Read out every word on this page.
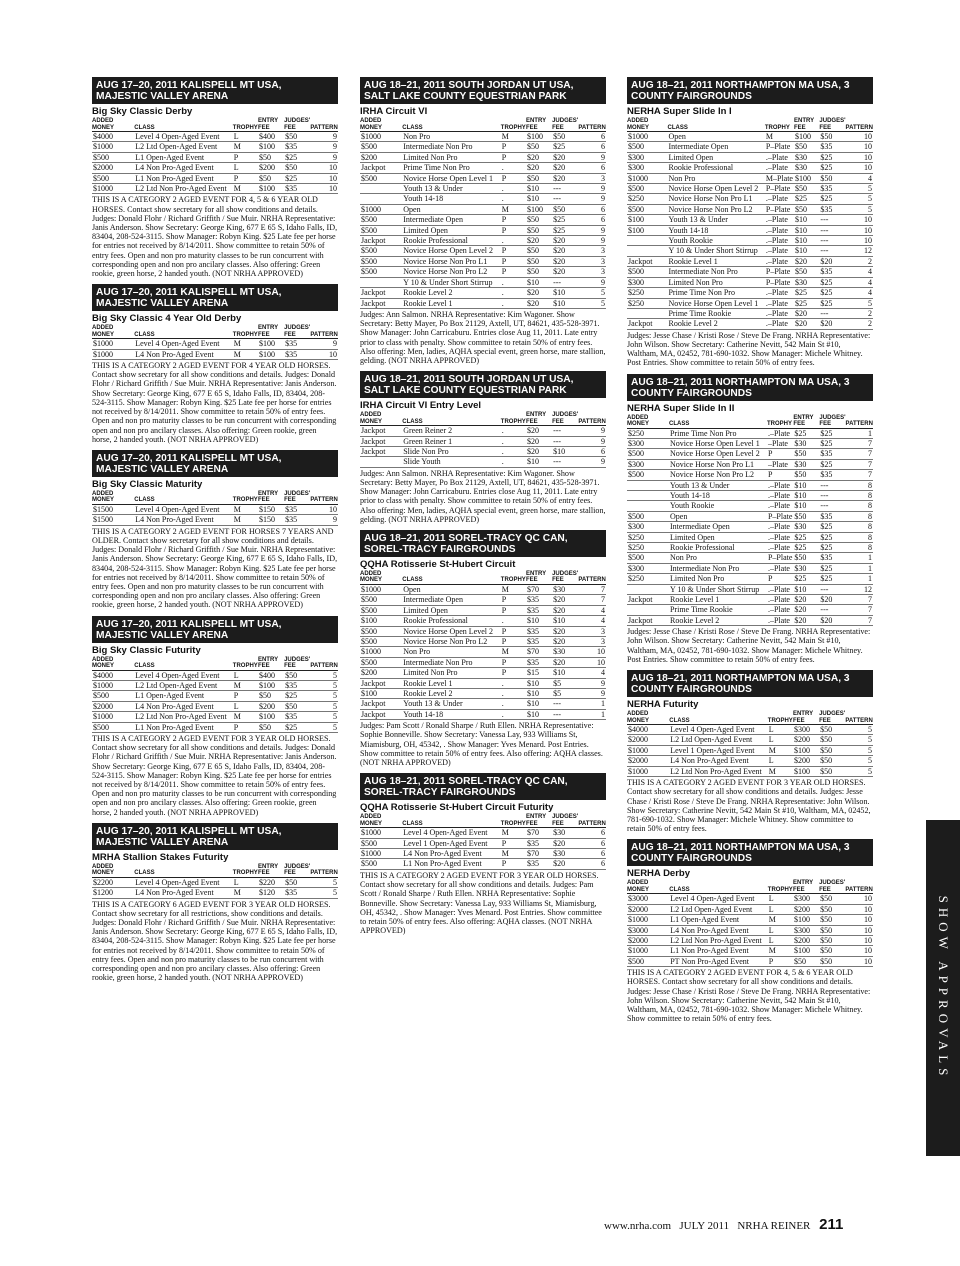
AUG 17–20, 2011 KALISPELL MT USA, MAJESTIC VALLEY ARENA
Big Sky Classic Derby
ADDED
MONEY	CLASS	TROPHY	ENTRY
FEE	JUDGES'
FEE	PATTERN
$4000	Level 4 Open-Aged Event	L	$400	$50	9
$1000	L2 Ltd Open-Aged Event	M	$100	$35	9
$500	L1 Open-Aged Event	P	$50	$25	9
$2000	L4 Non Pro-Aged Event	L	$200	$50	10
$500	L1 Non Pro-Aged Event	P	$50	$25	10
$1000	L2 Ltd Non Pro-Aged Event	M	$100	$35	10
THIS IS A CATEGORY 2 AGED EVENT FOR 4, 5 & 6 YEAR OLD HORSES. Contact show secretary for all show conditions and details. Judges: Donald Flohr / Richard Griffith / Sue Muir. NRHA Representative: Janis Anderson. Show Secretary: George King, 677 E 65 S, Idaho Falls, ID, 83404, 208-524-3115. Show Manager: Robyn King. $25 Late fee per horse for entries not received by 8/14/2011. Show committee to retain 50% of entry fees. Open and non pro maturity classes to be run concurrent with corresponding open and non pro ancilary classes. Also offering: Green rookie, green horse, 2 handed youth. (NOT NRHA APPROVED)
AUG 17–20, 2011 KALISPELL MT USA, MAJESTIC VALLEY ARENA
Big Sky Classic 4 Year Old Derby
ADDED
MONEY	CLASS	TROPHY	ENTRY
FEE	JUDGES'
FEE	PATTERN
$1000	Level 4 Open-Aged Event	M	$100	$35	9
$1000	L4 Non Pro-Aged Event	M	$100	$35	10
THIS IS A CATEGORY 2 AGED EVENT FOR 4 YEAR OLD HORSES. Contact show secretary for all show conditions and details. Judges: Donald Flohr / Richard Griffith / Sue Muir. NRHA Representative: Janis Anderson. Show Secretary: George King, 677 E 65 S, Idaho Falls, ID, 83404, 208-524-3115. Show Manager: Robyn King. $25 Late fee per horse for entries not received by 8/14/2011. Show committee to retain 50% of entry fees. Open and non pro maturity classes to be run concurrent with corresponding open and non pro ancilary classes. Also offering: Green rookie, green horse, 2 handed youth. (NOT NRHA APPROVED)
AUG 17–20, 2011 KALISPELL MT USA, MAJESTIC VALLEY ARENA
Big Sky Classic Maturity
ADDED
MONEY	CLASS	TROPHY	ENTRY
FEE	JUDGES'
FEE	PATTERN
$1500	Level 4 Open-Aged Event	M	$150	$35	10
$1500	L4 Non Pro-Aged Event	M	$150	$35	9
THIS IS A CATEGORY 2 AGED EVENT FOR HORSES 7 YEARS AND OLDER. Contact show secretary for all show conditions and details. Judges: Donald Flohr / Richard Griffith / Sue Muir. NRHA Representative: Janis Anderson. Show Secretary: George King, 677 E 65 S, Idaho Falls, ID, 83404, 208-524-3115. Show Manager: Robyn King. $25 Late fee per horse for entries not received by 8/14/2011. Show committee to retain 50% of entry fees. Open and non pro maturity classes to be run concurrent with corresponding open and non pro ancilary classes. Also offering: Green rookie, green horse, 2 handed youth. (NOT NRHA APPROVED)
AUG 17–20, 2011 KALISPELL MT USA, MAJESTIC VALLEY ARENA
Big Sky Classic Futurity
ADDED
MONEY	CLASS	TROPHY	ENTRY
FEE	JUDGES'
FEE	PATTERN
$4000	Level 4 Open-Aged Event	L	$400	$50	5
$1000	L2 Ltd Open-Aged Event	M	$100	$35	5
$500	L1 Open-Aged Event	P	$50	$25	5
$2000	L4 Non Pro-Aged Event	L	$200	$50	5
$1000	L2 Ltd Non Pro-Aged Event	M	$100	$35	5
$500	L1 Non Pro-Aged Event	P	$50	$25	5
THIS IS A CATEGORY 2 AGED EVENT FOR 3 YEAR OLD HORSES. Contact show secretary for all show conditions and details. Judges: Donald Flohr / Richard Griffith / Sue Muir. NRHA Representative: Janis Anderson. Show Secretary: George King, 677 E 65 S, Idaho Falls, ID, 83404, 208-524-3115. Show Manager: Robyn King. $25 Late fee per horse for entries not received by 8/14/2011. Show committee to retain 50% of entry fees. Open and non pro maturity classes to be run concurrent with corresponding open and non pro ancilary classes. Also offering: Green rookie, green horse, 2 handed youth. (NOT NRHA APPROVED)
AUG 17–20, 2011 KALISPELL MT USA, MAJESTIC VALLEY ARENA
MRHA Stallion Stakes Futurity
ADDED
MONEY	CLASS	TROPHY	ENTRY
FEE	JUDGES'
FEE	PATTERN
$2200	Level 4 Open-Aged Event	L	$220	$50	5
$1200	L4 Non Pro-Aged Event	M	$120	$35	5
THIS IS A CATEGORY 6 AGED EVENT FOR 3 YEAR OLD HORSES. Contact show secretary for all restrictions, show conditions and details. Judges: Donald Flohr / Richard Griffith / Sue Muir. NRHA Representative: Janis Anderson. Show Secretary: George King, 677 E 65 S, Idaho Falls, ID, 83404, 208-524-3115. Show Manager: Robyn King. $25 Late fee per horse for entries not received by 8/14/2011. Show committee to retain 50% of entry fees. Open and non pro maturity classes to be run concurrent with corresponding open and non pro ancilary classes. Also offering: Green rookie, green horse, 2 handed youth. (NOT NRHA APPROVED)
AUG 18–21, 2011 SOUTH JORDAN UT USA, SALT LAKE COUNTY EQUESTRIAN PARK
IRHA Circuit VI
ADDED
MONEY	CLASS	TROPHY	ENTRY
FEE	JUDGES'
FEE	PATTERN
$1000	Non Pro	M	$100	$50	6
$500	Intermediate Non Pro	P	$50	$25	6
$200	Limited Non Pro	P	$20	$20	9
Jackpot	Prime Time Non Pro	.	$20	$20	6
$500	Novice Horse Open Level 1	P	$50	$20	3
	Youth 13 & Under	.	$10	---	9
	Youth 14-18	.	$10	---	9
$1000	Open	M	$100	$50	6
$500	Intermediate Open	P	$50	$25	6
$500	Limited Open	P	$50	$25	9
Jackpot	Rookie Professional	.	$20	$20	9
$500	Novice Horse Open Level 2	P	$50	$20	3
$500	Novice Horse Non Pro L1	P	$50	$20	3
$500	Novice Horse Non Pro L2	P	$50	$20	3
	Y 10 & Under Short Stirrup	.	$10	---	9
Jackpot	Rookie Level 2	.	$20	$10	5
Jackpot	Rookie Level 1	.	$20	$10	5
Judges: Ann Salmon. NRHA Representative: Kim Wagoner. Show Secretary: Betty Mayer, Po Box 21129, Axtell, UT, 84621, 435-528-3971. Show Manager: John Carricaburu. Entries close Aug 11, 2011. Late entry prior to class with penalty. Show committee to retain 50% of entry fees. Also offering: Men, ladies, AQHA special event, green horse, mare stallion, gelding. (NOT NRHA APPROVED)
AUG 18–21, 2011 SOUTH JORDAN UT USA, SALT LAKE COUNTY EQUESTRIAN PARK
IRHA Circuit VI Entry Level
ADDED
MONEY	CLASS	TROPHY	ENTRY
FEE	JUDGES'
FEE	PATTERN
Jackpot	Green Reiner 2	.	$20	---	9
Jackpot	Green Reiner 1	.	$20	---	9
Jackpot	Slide Non Pro	.	$20	$10	6
	Slide Youth	.	$10	---	9
Judges: Ann Salmon. NRHA Representative: Kim Wagoner. Show Secretary: Betty Mayer, Po Box 21129, Axtell, UT, 84621, 435-528-3971. Show Manager: John Carricaburu. Entries close Aug 11, 2011. Late entry prior to class with penalty. Show committee to retain 50% of entry fees. Also offering: Men, ladies, AQHA special event, green horse, mare stallion, gelding. (NOT NRHA APPROVED)
AUG 18–21, 2011 SOREL-TRACY QC CAN, SOREL-TRACY FAIRGROUNDS
QQHA Rotisserie St-Hubert Circuit
ADDED
MONEY	CLASS	TROPHY	ENTRY
FEE	JUDGES'
FEE	PATTERN
$1000	Open	M	$70	$30	7
$500	Intermediate Open	P	$35	$20	7
$500	Limited Open	P	$35	$20	4
$100	Rookie Professional	.	$10	$10	4
$500	Novice Horse Open Level 2	P	$35	$20	3
$500	Novice Horse Non Pro L2	P	$35	$20	3
$1000	Non Pro	M	$70	$30	10
$500	Intermediate Non Pro	P	$35	$20	10
$200	Limited Non Pro	P	$15	$10	4
Jackpot	Rookie Level 1	.	$10	$5	9
$100	Rookie Level 2	.	$10	$5	9
Jackpot	Youth 13 & Under	.	$10	---	1
Jackpot	Youth 14-18	.	$10	---	1
Judges: Pam Scott / Ronald Sharpe / Ruth Ellen. NRHA Representative: Sophie Bonneville. Show Secretary: Vanessa Lay, 933 Williams St, Miamisburg, OH, 45342, . Show Manager: Yves Menard. Post Entries. Show committee to retain 50% of entry fees. Also offering: AQHA classes. (NOT NRHA APPROVED)
AUG 18–21, 2011 SOREL-TRACY QC CAN, SOREL-TRACY FAIRGROUNDS
QQHA Rotisserie St-Hubert Circuit Futurity
ADDED
MONEY	CLASS	TROPHY	ENTRY
FEE	JUDGES'
FEE	PATTERN
$1000	Level 4 Open-Aged Event	M	$70	$30	6
$500	Level 1 Open-Aged Event	P	$35	$20	6
$1000	L4 Non Pro-Aged Event	M	$70	$30	6
$500	L1 Non Pro-Aged Event	P	$35	$20	6
THIS IS A CATEGORY 2 AGED EVENT FOR 3 YEAR OLD HORSES. Contact show secretary for all show conditions and details. Judges: Pam Scott / Ronald Sharpe / Ruth Ellen. NRHA Representative: Sophie Bonneville. Show Secretary: Vanessa Lay, 933 Williams St, Miamisburg, OH, 45342, . Show Manager: Yves Menard. Post Entries. Show committee to retain 50% of entry fees. Also offering: AQHA classes. (NOT NRHA APPROVED)
AUG 18–21, 2011 NORTHAMPTON MA USA, 3 COUNTY FAIRGROUNDS
NERHA Super Slide In I
ADDED
MONEY	CLASS	TROPHY	ENTRY
FEE	JUDGES'
FEE	PATTERN
$1000	Open	M	$100	$50	10
$500	Intermediate Open	P–Plate	$50	$35	10
$300	Limited Open	.–Plate	$30	$25	10
$300	Rookie Professional	.–Plate	$30	$25	10
$1000	Non Pro	M–Plate	$100	$50	4
$500	Novice Horse Open Level 2	P–Plate	$50	$35	5
$250	Novice Horse Non Pro L1	.–Plate	$25	$25	5
$500	Novice Horse Non Pro L2	P–Plate	$50	$35	5
$100	Youth 13 & Under	.–Plate	$10	---	10
$100	Youth 14-18	.–Plate	$10	---	10
	Youth Rookie	.–Plate	$10	---	10
	Y 10 & Under Short Stirrup	.–Plate	$10	---	12
Jackpot	Rookie Level 1	.–Plate	$20	$20	2
$500	Intermediate Non Pro	P–Plate	$50	$35	4
$300	Limited Non Pro	P–Plate	$30	$25	4
$250	Prime Time Non Pro	.–Plate	$25	$25	4
$250	Novice Horse Open Level 1	.–Plate	$25	$25	5
	Prime Time Rookie	.–Plate	$20	---	2
Jackpot	Rookie Level 2	.–Plate	$20	$20	2
Judges: Jesse Chase / Kristi Rose / Steve De Frang. NRHA Representative: John Wilson. Show Secretary: Catherine Nevitt, 542 Main St #10, Waltham, MA, 02452, 781-690-1032. Show Manager: Michele Whitney. Post Entries. Show committee to retain 50% of entry fees.
AUG 18–21, 2011 NORTHAMPTON MA USA, 3 COUNTY FAIRGROUNDS
NERHA Super Slide In II
ADDED
MONEY	CLASS	TROPHY	ENTRY
FEE	JUDGES'
FEE	PATTERN
$250	Prime Time Non Pro	.–Plate	$25	$25	1
$300	Novice Horse Open Level 1	–Plate	$30	$25	7
$500	Novice Horse Open Level 2	P	$50	$35	7
$300	Novice Horse Non Pro L1	–Plate	$30	$25	7
$500	Novice Horse Non Pro L2	P	$50	$35	7
	Youth 13 & Under	.–Plate	$10	---	8
	Youth 14-18	.–Plate	$10	---	8
	Youth Rookie	.–Plate	$10	---	8
$500	Open	P–Plate	$50	$35	8
$300	Intermediate Open	.–Plate	$30	$25	8
$250	Limited Open	.–Plate	$25	$25	8
$250	Rookie Professional	.–Plate	$25	$25	8
$500	Non Pro	P–Plate	$50	$35	1
$300	Intermediate Non Pro	.–Plate	$30	$25	1
$250	Limited Non Pro	P	$25	$25	1
	Y 10 & Under Short Stirrup	.–Plate	$10	---	12
Jackpot	Rookie Level 1	.–Plate	$20	$20	7
	Prime Time Rookie	.–Plate	$20	---	7
Jackpot	Rookie Level 2	.–Plate	$20	$20	7
Judges: Jesse Chase / Kristi Rose / Steve De Frang. NRHA Representative: John Wilson. Show Secretary: Catherine Nevitt, 542 Main St #10, Waltham, MA, 02452, 781-690-1032. Show Manager: Michele Whitney. Post Entries. Show committee to retain 50% of entry fees.
AUG 18–21, 2011 NORTHAMPTON MA USA, 3 COUNTY FAIRGROUNDS
NERHA Futurity
ADDED
MONEY	CLASS	TROPHY	ENTRY
FEE	JUDGES'
FEE	PATTERN
$4000	Level 4 Open-Aged Event	L	$300	$50	5
$2000	L2 Ltd Open-Aged Event	L	$200	$50	5
$1000	Level 1 Open-Aged Event	M	$100	$50	5
$2000	L4 Non Pro-Aged Event	L	$200	$50	5
$1000	L2 Ltd Non Pro-Aged Event	M	$100	$50	5
THIS IS A CATEGORY 2 AGED EVENT FOR 3 YEAR OLD HORSES. Contact show secretary for all show conditions and details. Judges: Jesse Chase / Kristi Rose / Steve De Frang. NRHA Representative: John Wilson. Show Secretary: Catherine Nevitt, 542 Main St #10, Waltham, MA, 02452, 781-690-1032. Show Manager: Michele Whitney. Show committee to retain 50% of entry fees.
AUG 18–21, 2011 NORTHAMPTON MA USA, 3 COUNTY FAIRGROUNDS
NERHA Derby
ADDED
MONEY	CLASS	TROPHY	ENTRY
FEE	JUDGES'
FEE	PATTERN
$3000	Level 4 Open-Aged Event	L	$300	$50	10
$2000	L2 Ltd Open-Aged Event	L	$200	$50	10
$1000	L1 Open-Aged Event	M	$100	$50	10
$3000	L4 Non Pro-Aged Event	L	$300	$50	10
$2000	L2 Ltd Non Pro-Aged Event	L	$200	$50	10
$1000	L1 Non Pro-Aged Event	M	$100	$50	10
$500	PT Non Pro-Aged Event	P	$50	$50	10
THIS IS A CATEGORY 2 AGED EVENT FOR 4, 5 & 6 YEAR OLD HORSES. Contact show secretary for all show conditions and details. Judges: Jesse Chase / Kristi Rose / Steve De Frang. NRHA Representative: John Wilson. Show Secretary: Catherine Nevitt, 542 Main St #10, Waltham, MA, 02452, 781-690-1032. Show Manager: Michele Whitney. Show committee to retain 50% of entry fees.	SHOW APPROVALS
www.nrha.com JULY 2011 NRHA REINER 211
